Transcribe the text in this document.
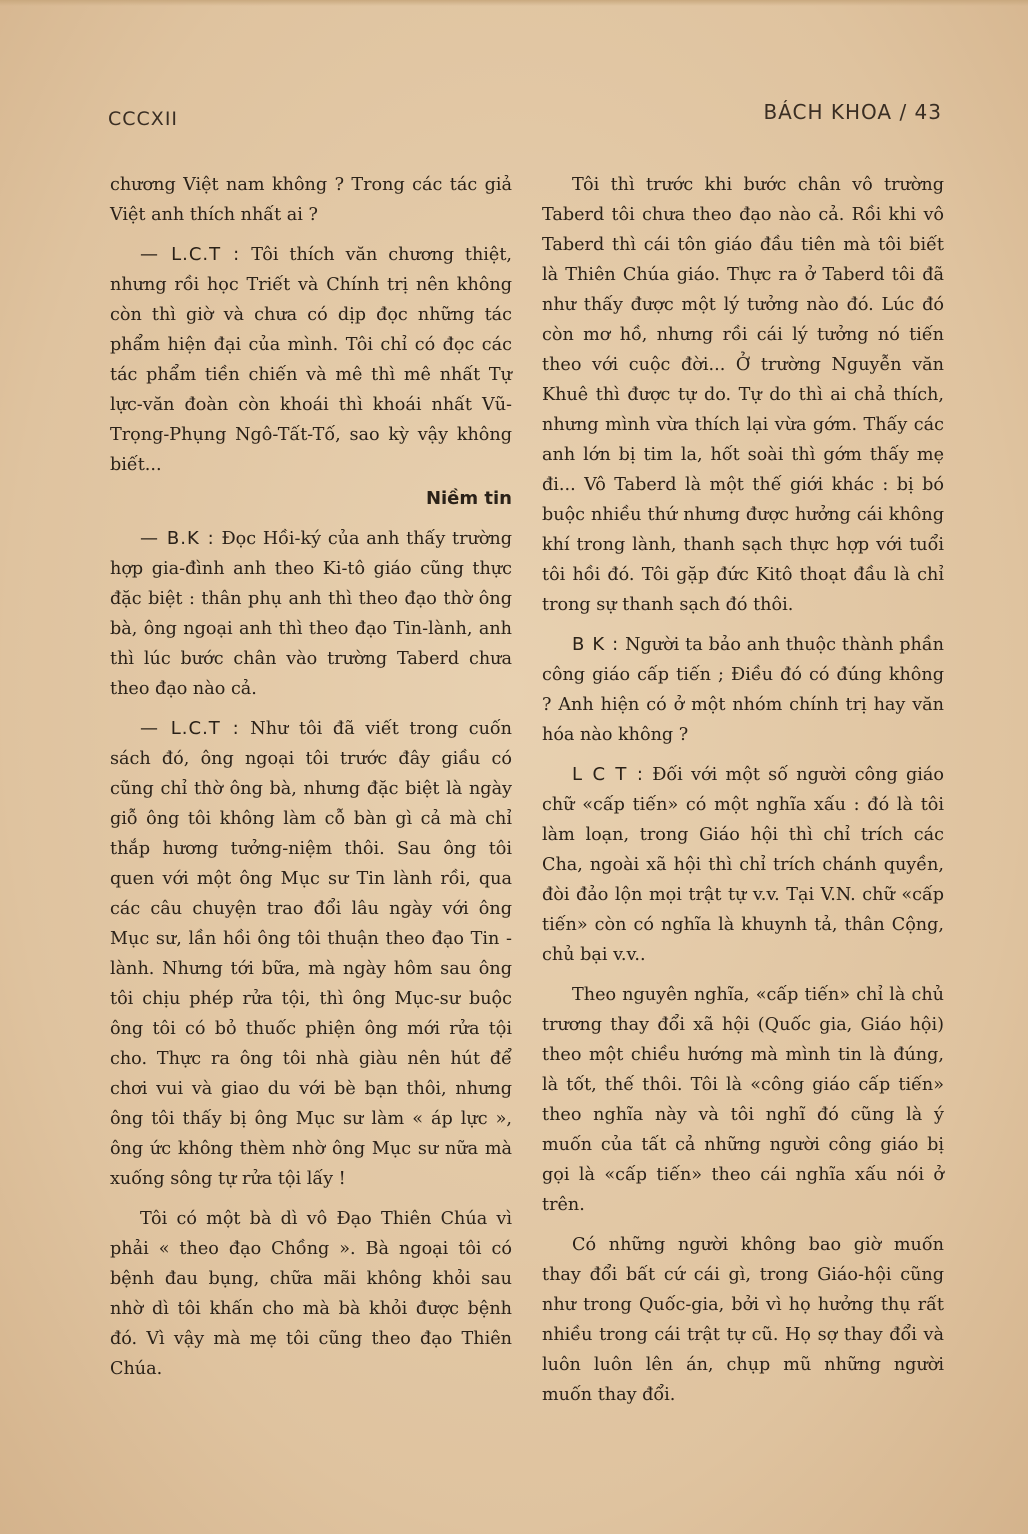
CCCXII	BÁCH KHOA / 43

chương Việt nam không ? Trong các tác giả Việt anh thích nhất ai ?

— L.C.T : Tôi thích văn chương thiệt, nhưng rồi học Triết và Chính trị nên không còn thì giờ và chưa có dịp đọc những tác phẩm hiện đại của mình. Tôi chỉ có đọc các tác phẩm tiền chiến và mê thì mê nhất Tự lực-văn đoàn còn khoái thì khoái nhất Vũ-Trọng-Phụng Ngô-Tất-Tố, sao kỳ vậy không biết...

Niềm tin

— B.K : Đọc Hồi-ký của anh thấy trường hợp gia-đình anh theo Ki-tô giáo cũng thực đặc biệt : thân phụ anh thì theo đạo thờ ông bà, ông ngoại anh thì theo đạo Tin-lành, anh thì lúc bước chân vào trường Taberd chưa theo đạo nào cả.

— L.C.T : Như tôi đã viết trong cuốn sách đó, ông ngoại tôi trước đây giầu có cũng chỉ thờ ông bà, nhưng đặc biệt là ngày giỗ ông tôi không làm cỗ bàn gì cả mà chỉ thắp hương tưởng-niệm thôi. Sau ông tôi quen với một ông Mục sư Tin lành rồi, qua các câu chuyện trao đổi lâu ngày với ông Mục sư, lần hồi ông tôi thuận theo đạo Tin - lành. Nhưng tới bữa, mà ngày hôm sau ông tôi chịu phép rửa tội, thì ông Mục-sư buộc ông tôi có bỏ thuốc phiện ông mới rửa tội cho. Thực ra ông tôi nhà giàu nên hút để chơi vui và giao du với bè bạn thôi, nhưng ông tôi thấy bị ông Mục sư làm « áp lực », ông ức không thèm nhờ ông Mục sư nữa mà xuống sông tự rửa tội lấy !

Tôi có một bà dì vô Đạo Thiên Chúa vì phải « theo đạo Chồng ». Bà ngoại tôi có bệnh đau bụng, chữa mãi không khỏi sau nhờ dì tôi khấn cho mà bà khỏi được bệnh đó. Vì vậy mà mẹ tôi cũng theo đạo Thiên Chúa.

Tôi thì trước khi bước chân vô trường Taberd tôi chưa theo đạo nào cả. Rồi khi vô Taberd thì cái tôn giáo đầu tiên mà tôi biết là Thiên Chúa giáo. Thực ra ở Taberd tôi đã như thấy được một lý tưởng nào đó. Lúc đó còn mơ hồ, nhưng rồi cái lý tưởng nó tiến theo với cuộc đời... Ở trường Nguyễn văn Khuê thì được tự do. Tự do thì ai chả thích, nhưng mình vừa thích lại vừa gớm. Thấy các anh lớn bị tim la, hốt soài thì gớm thấy mẹ đi... Vô Taberd là một thế giới khác : bị bó buộc nhiều thứ nhưng được hưởng cái không khí trong lành, thanh sạch thực hợp với tuổi tôi hồi đó. Tôi gặp đức Kitô thoạt đầu là chỉ trong sự thanh sạch đó thôi.

B K : Người ta bảo anh thuộc thành phần công giáo cấp tiến ; Điều đó có đúng không ? Anh hiện có ở một nhóm chính trị hay văn hóa nào không ?

L C T : Đối với một số người công giáo chữ «cấp tiến» có một nghĩa xấu : đó là tôi làm loạn, trong Giáo hội thì chỉ trích các Cha, ngoài xã hội thì chỉ trích chánh quyền, đòi đảo lộn mọi trật tự v.v. Tại V.N. chữ «cấp tiến» còn có nghĩa là khuynh tả, thân Cộng, chủ bại v.v..

Theo nguyên nghĩa, «cấp tiến» chỉ là chủ trương thay đổi xã hội (Quốc gia, Giáo hội) theo một chiều hướng mà mình tin là đúng, là tốt, thế thôi. Tôi là «công giáo cấp tiến» theo nghĩa này và tôi nghĩ đó cũng là ý muốn của tất cả những người công giáo bị gọi là «cấp tiến» theo cái nghĩa xấu nói ở trên.

Có những người không bao giờ muốn thay đổi bất cứ cái gì, trong Giáo-hội cũng như trong Quốc-gia, bởi vì họ hưởng thụ rất nhiều trong cái trật tự cũ. Họ sợ thay đổi và luôn luôn lên án, chụp mũ những người muốn thay đổi.
